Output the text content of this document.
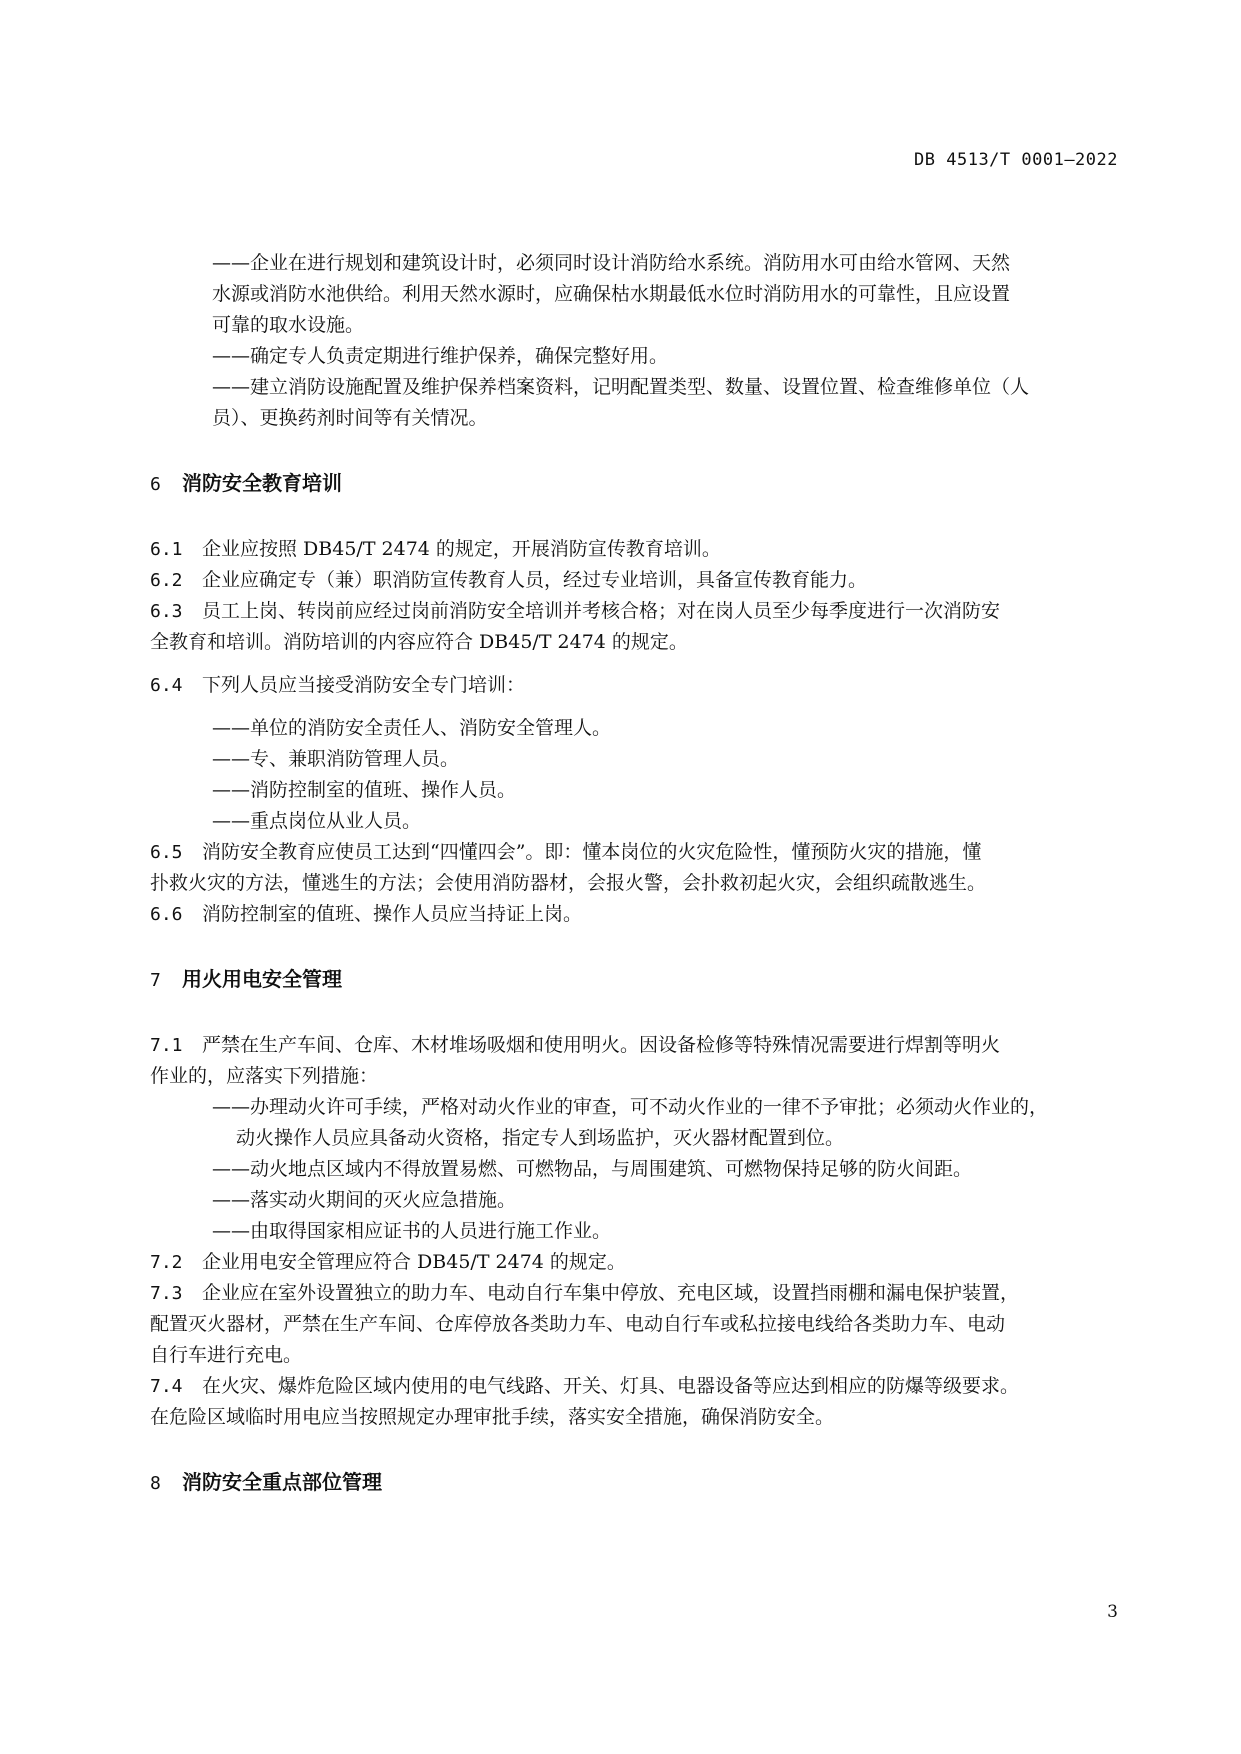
DB 4513/T 0001—2022

——企业在进行规划和建筑设计时，必须同时设计消防给水系统。消防用水可由给水管网、天然
水源或消防水池供给。利用天然水源时，应确保枯水期最低水位时消防用水的可靠性，且应设置
可靠的取水设施。

——确定专人负责定期进行维护保养，确保完整好用。

——建立消防设施配置及维护保养档案资料，记明配置类型、数量、设置位置、检查维修单位（人
员）、更换药剂时间等有关情况。

6 消防安全教育培训

6.1 企业应按照 DB45/T 2474 的规定，开展消防宣传教育培训。

6.2 企业应确定专（兼）职消防宣传教育人员，经过专业培训，具备宣传教育能力。

6.3 员工上岗、转岗前应经过岗前消防安全培训并考核合格；对在岗人员至少每季度进行一次消防安
全教育和培训。消防培训的内容应符合 DB45/T 2474 的规定。

6.4 下列人员应当接受消防安全专门培训：

——单位的消防安全责任人、消防安全管理人。

——专、兼职消防管理人员。

——消防控制室的值班、操作人员。

——重点岗位从业人员。

6.5 消防安全教育应使员工达到“四懂四会”。即：懂本岗位的火灾危险性，懂预防火灾的措施，懂
扑救火灾的方法，懂逃生的方法；会使用消防器材，会报火警，会扑救初起火灾，会组织疏散逃生。

6.6 消防控制室的值班、操作人员应当持证上岗。

7 用火用电安全管理

7.1 严禁在生产车间、仓库、木材堆场吸烟和使用明火。因设备检修等特殊情况需要进行焊割等明火
作业的，应落实下列措施：

——办理动火许可手续，严格对动火作业的审查，可不动火作业的一律不予审批；必须动火作业的，

动火操作人员应具备动火资格，指定专人到场监护，灭火器材配置到位。

——动火地点区域内不得放置易燃、可燃物品，与周围建筑、可燃物保持足够的防火间距。

——落实动火期间的灭火应急措施。

——由取得国家相应证书的人员进行施工作业。

7.2 企业用电安全管理应符合 DB45/T 2474 的规定。

7.3 企业应在室外设置独立的助力车、电动自行车集中停放、充电区域，设置挡雨棚和漏电保护装置，
配置灭火器材，严禁在生产车间、仓库停放各类助力车、电动自行车或私拉接电线给各类助力车、电动
自行车进行充电。

7.4 在火灾、爆炸危险区域内使用的电气线路、开关、灯具、电器设备等应达到相应的防爆等级要求。
在危险区域临时用电应当按照规定办理审批手续，落实安全措施，确保消防安全。

8 消防安全重点部位管理
3
